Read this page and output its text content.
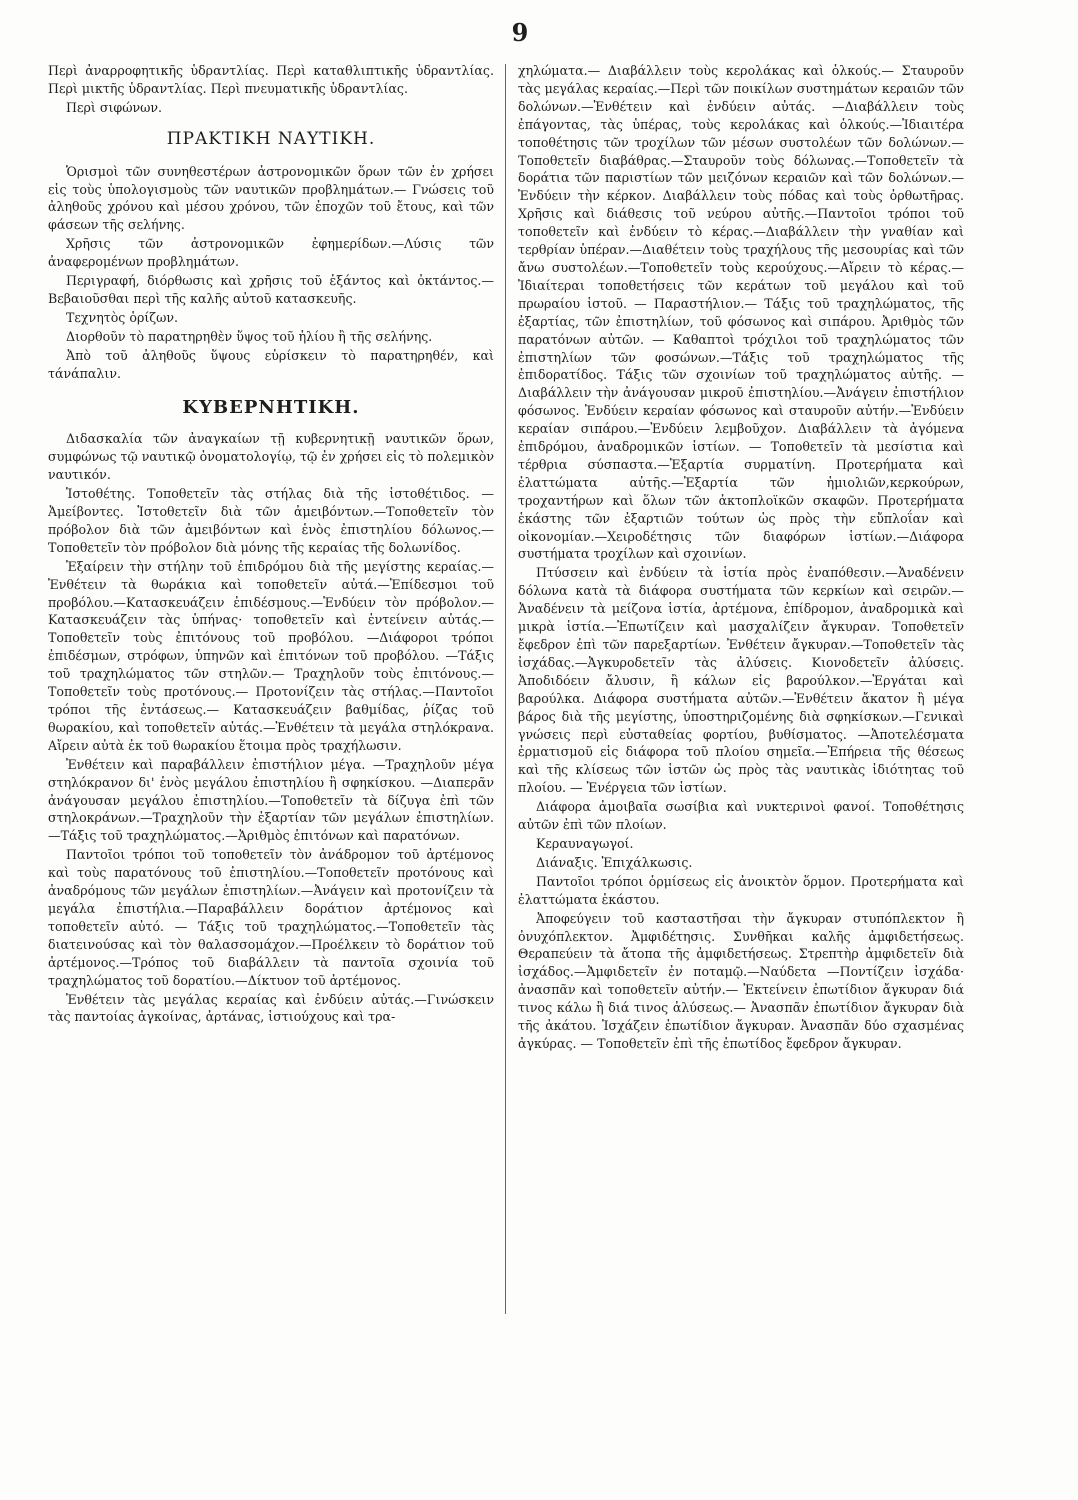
9

Περὶ ἀναρροφητικῆς ὑδραντλίας. Περὶ καταθλιπτικῆς ὑδραντλίας. Περὶ μικτῆς ὑδραντλίας. Περὶ πνευματικῆς ὑδραντλίας.

Περὶ σιφώνων.

ΠΡΑΚΤΙΚΗ ΝΑΥΤΙΚΗ.

Ὁρισμοὶ τῶν συνηθεστέρων ἀστρονομικῶν ὅρων τῶν ἐν χρήσει εἰς τοὺς ὑπολογισμοὺς τῶν ναυτικῶν προβλημάτων.— Γνώσεις τοῦ ἀληθοῦς χρόνου καὶ μέσου χρόνου, τῶν ἐποχῶν τοῦ ἔτους, καὶ τῶν φάσεων τῆς σελήνης.

Χρῆσις τῶν ἀστρονομικῶν ἐφημερίδων.—Λύσις τῶν ἀναφερομένων προβλημάτων.

Περιγραφή, διόρθωσις καὶ χρῆσις τοῦ ἑξάντος καὶ ὀκτάντος.—Βεβαιοῦσθαι περὶ τῆς καλῆς αὐτοῦ κατασκευῆς.

Τεχνητὸς ὁρίζων.

Διορθοῦν τὸ παρατηρηθὲν ὕψος τοῦ ἡλίου ἢ τῆς σελήνης.

Ἀπὸ τοῦ ἀληθοῦς ὕψους εὑρίσκειν τὸ παρατηρηθέν, καὶ τάνάπαλιν.

ΚΥΒΕΡΝΗΤΙΚΗ.

Διδασκαλία τῶν ἀναγκαίων τῇ κυβερνητικῇ ναυτικῶν ὅρων, συμφώνως τῷ ναυτικῷ ὀνοματολογίῳ, τῷ ἐν χρήσει εἰς τὸ πολεμικὸν ναυτικόν.

Ἱστοθέτης. Τοποθετεῖν τὰς στήλας διὰ τῆς ἱστοθέτιδος. —Ἀμείβοντες. Ἱστοθετεῖν διὰ τῶν ἀμειβόντων.—Τοποθετεῖν τὸν πρόβολον διὰ τῶν ἀμειβόντων καὶ ἑνὸς ἐπιστηλίου δόλωνος.—Τοποθετεῖν τὸν πρόβολον διὰ μόνης τῆς κεραίας τῆς δολωνίδος.

Ἐξαίρειν τὴν στήλην τοῦ ἐπιδρόμου διὰ τῆς μεγίστης κεραίας.—Ἐνθέτειν τὰ θωράκια καὶ τοποθετεῖν αὐτά.—Ἐπίδεσμοι τοῦ προβόλου.—Κατασκευάζειν ἐπιδέσμους.—Ἐνδύειν τὸν πρόβολον.— Κατασκευάζειν τὰς ὑπήνας· τοποθετεῖν καὶ ἐντείνειν αὐτάς.—Τοποθετεῖν τοὺς ἐπιτόνους τοῦ προβόλου. —Διάφοροι τρόποι ἐπιδέσμων, στρόφων, ὑπηνῶν καὶ ἐπιτόνων τοῦ προβόλου. —Τάξις τοῦ τραχηλώματος τῶν στηλῶν.— Τραχηλοῦν τοὺς ἐπιτόνους.— Τοποθετεῖν τοὺς προτόνους.— Προτονίζειν τὰς στήλας.—Παντοῖοι τρόποι τῆς ἐντάσεως.— Κατασκευάζειν βαθμίδας, ῥίζας τοῦ θωρακίου, καὶ τοποθετεῖν αὐτάς.—Ἐνθέτειν τὰ μεγάλα στηλόκρανα. Αἴρειν αὐτὰ ἐκ τοῦ θωρακίου ἕτοιμα πρὸς τραχήλωσιν.

Ἐνθέτειν καὶ παραβάλλειν ἐπιστήλιον μέγα. —Τραχηλοῦν μέγα στηλόκρανον δι' ἑνὸς μεγάλου ἐπιστηλίου ἢ σφηκίσκου. —Διαπερᾶν ἀνάγουσαν μεγάλου ἐπιστηλίου.—Τοποθετεῖν τὰ δίζυγα ἐπὶ τῶν στηλοκράνων.—Τραχηλοῦν τὴν ἐξαρτίαν τῶν μεγάλων ἐπιστηλίων.—Τάξις τοῦ τραχηλώματος.—Ἀριθμὸς ἐπιτόνων καὶ παρατόνων.

Παντοῖοι τρόποι τοῦ τοποθετεῖν τὸν ἀνάδρομον τοῦ ἀρτέμονος καὶ τοὺς παρατόνους τοῦ ἐπιστηλίου.—Τοποθετεῖν προτόνους καὶ ἀναδρόμους τῶν μεγάλων ἐπιστηλίων.—Ἀνάγειν καὶ προτονίζειν τὰ μεγάλα ἐπιστήλια.—Παραβάλλειν δοράτιον ἀρτέμονος καὶ τοποθετεῖν αὐτό. — Τάξις τοῦ τραχηλώματος.—Τοποθετεῖν τὰς διατεινούσας καὶ τὸν θαλασσομάχον.—Προέλκειν τὸ δοράτιον τοῦ ἀρτέμονος.—Τρόπος τοῦ διαβάλλειν τὰ παντοῖα σχοινία τοῦ τραχηλώματος τοῦ δορατίου.—Δίκτυον τοῦ ἀρτέμονος.

Ἐνθέτειν τὰς μεγάλας κεραίας καὶ ἐνδύειν αὐτάς.—Γινώσκειν τὰς παντοίας ἀγκοίνας, ἀρτάνας, ἱστιούχους καὶ τρα-

χηλώματα.— Διαβάλλειν τοὺς κερολάκας καὶ ὁλκούς.— Σταυροῦν τὰς μεγάλας κεραίας.—Περὶ τῶν ποικίλων συστημάτων κεραιῶν τῶν δολώνων.—Ἐνθέτειν καὶ ἐνδύειν αὐτάς. —Διαβάλλειν τοὺς ἐπάγοντας, τὰς ὑπέρας, τοὺς κερολάκας καὶ ὁλκούς.—Ἰδιαιτέρα τοποθέτησις τῶν τροχίλων τῶν μέσων συστολέων τῶν δολώνων.—Τοποθετεῖν διαβάθρας.—Σταυροῦν τοὺς δόλωνας.—Τοποθετεῖν τὰ δοράτια τῶν παριστίων τῶν μειζόνων κεραιῶν καὶ τῶν δολώνων.—Ἐνδύειν τὴν κέρκον. Διαβάλλειν τοὺς πόδας καὶ τοὺς ὀρθωτῆρας. Χρῆσις καὶ διάθεσις τοῦ νεύρου αὐτῆς.—Παντοῖοι τρόποι τοῦ τοποθετεῖν καὶ ἐνδύειν τὸ κέρας.—Διαβάλλειν τὴν γναθίαν καὶ τερθρίαν ὑπέραν.—Διαθέτειν τοὺς τραχήλους τῆς μεσουρίας καὶ τῶν ἄνω συστολέων.—Τοποθετεῖν τοὺς κερούχους.—Αἴρειν τὸ κέρας.—Ἰδιαίτεραι τοποθετήσεις τῶν κεράτων τοῦ μεγάλου καὶ τοῦ πρωραίου ἱστοῦ. — Παραστήλιον.— Τάξις τοῦ τραχηλώματος, τῆς ἐξαρτίας, τῶν ἐπιστηλίων, τοῦ φόσωνος καὶ σιπάρου. Ἀριθμὸς τῶν παρατόνων αὐτῶν. — Καθαπτοὶ τρόχιλοι τοῦ τραχηλώματος τῶν ἐπιστηλίων τῶν φοσώνων.—Τάξις τοῦ τραχηλώματος τῆς ἐπιδορατίδος. Τάξις τῶν σχοινίων τοῦ τραχηλώματος αὐτῆς. — Διαβάλλειν τὴν ἀνάγουσαν μικροῦ ἐπιστηλίου.—Ἀνάγειν ἐπιστήλιον φόσωνος. Ἐνδύειν κεραίαν φόσωνος καὶ σταυροῦν αὐτήν.—Ἐνδύειν κεραίαν σιπάρου.—Ἐνδύειν λεμβοῦχον. Διαβάλλειν τὰ ἀγόμενα ἐπιδρόμου, ἀναδρομικῶν ἱστίων. — Τοποθετεῖν τὰ μεσίστια καὶ τέρθρια σύσπαστα.—Ἐξαρτία συρματίνη. Προτερήματα καὶ ἐλαττώματα αὐτῆς.—Ἐξαρτία τῶν ἡμιολιῶν,κερκούρων, τροχαντήρων καὶ ὅλων τῶν ἀκτοπλοϊκῶν σκαφῶν. Προτερήματα ἑκάστης τῶν ἐξαρτιῶν τούτων ὡς πρὸς τὴν εὔπλοΐαν καὶ οἰκονομίαν.—Χειροδέτησις τῶν διαφόρων ἱστίων.—Διάφορα συστήματα τροχίλων καὶ σχοινίων.

Πτύσσειν καὶ ἐνδύειν τὰ ἱστία πρὸς ἐναπόθεσιν.—Ἀναδένειν δόλωνα κατὰ τὰ διάφορα συστήματα τῶν κερκίων καὶ σειρῶν.—Ἀναδένειν τὰ μείζονα ἱστία, ἀρτέμονα, ἐπίδρομον, ἀναδρομικὰ καὶ μικρὰ ἱστία.—Ἐπωτίζειν καὶ μασχαλίζειν ἄγκυραν. Τοποθετεῖν ἔφεδρον ἐπὶ τῶν παρεξαρτίων. Ἐνθέτειν ἄγκυραν.—Τοποθετεῖν τὰς ἰσχάδας.—Ἀγκυροδετεῖν τὰς ἀλύσεις. Κιονοδετεῖν ἀλύσεις. Ἀποδιδόειν ἄλυσιν, ἢ κάλων εἰς βαρούλκον.—Ἐργάται καὶ βαρούλκα. Διάφορα συστήματα αὐτῶν.—Ἐνθέτειν ἄκατον ἢ μέγα βάρος διὰ τῆς μεγίστης, ὑποστηριζομένης διὰ σφηκίσκων.—Γενικαὶ γνώσεις περὶ εὐσταθείας φορτίου, βυθίσματος. —Ἀποτελέσματα ἐρματισμοῦ εἰς διάφορα τοῦ πλοίου σημεῖα.—Ἐπήρεια τῆς θέσεως καὶ τῆς κλίσεως τῶν ἱστῶν ὡς πρὸς τὰς ναυτικὰς ἰδιότητας τοῦ πλοίου. — Ἐνέργεια τῶν ἱστίων.

Διάφορα ἀμοιβαῖα σωσίβια καὶ νυκτερινοὶ φανοί. Τοποθέτησις αὐτῶν ἐπὶ τῶν πλοίων.

Κεραυναγωγοί.

Διάναξις. Ἐπιχάλκωσις.

Παντοῖοι τρόποι ὁρμίσεως εἰς ἀνοικτὸν ὅρμον. Προτερήματα καὶ ἐλαττώματα ἑκάστου.

Ἀποφεύγειν τοῦ κασταστῆσαι τὴν ἄγκυραν στυπόπλεκτον ἢ ὀνυχόπλεκτον. Ἀμφιδέτησις. Συνθῆκαι καλῆς ἀμφιδετήσεως. Θεραπεύειν τὰ ἄτοπα τῆς ἀμφιδετήσεως. Στρεπτὴρ ἀμφιδετεῖν διὰ ἰσχάδος.—Ἀμφιδετεῖν ἐν ποταμῷ.—Ναύδετα —Ποντίζειν ἰσχάδα· ἀνασπᾶν καὶ τοποθετεῖν αὐτήν.— Ἐκτείνειν ἐπωτίδιον ἄγκυραν διά τινος κάλω ἢ διά τινος ἀλύσεως.— Ἀνασπᾶν ἐπωτίδιον ἄγκυραν διὰ τῆς ἀκάτου. Ἰσχάζειν ἐπωτίδιον ἄγκυραν. Ἀνασπᾶν δύο σχασμένας ἀγκύρας. — Τοποθετεῖν ἐπὶ τῆς ἐπωτίδος ἔφεδρον ἄγκυραν.
